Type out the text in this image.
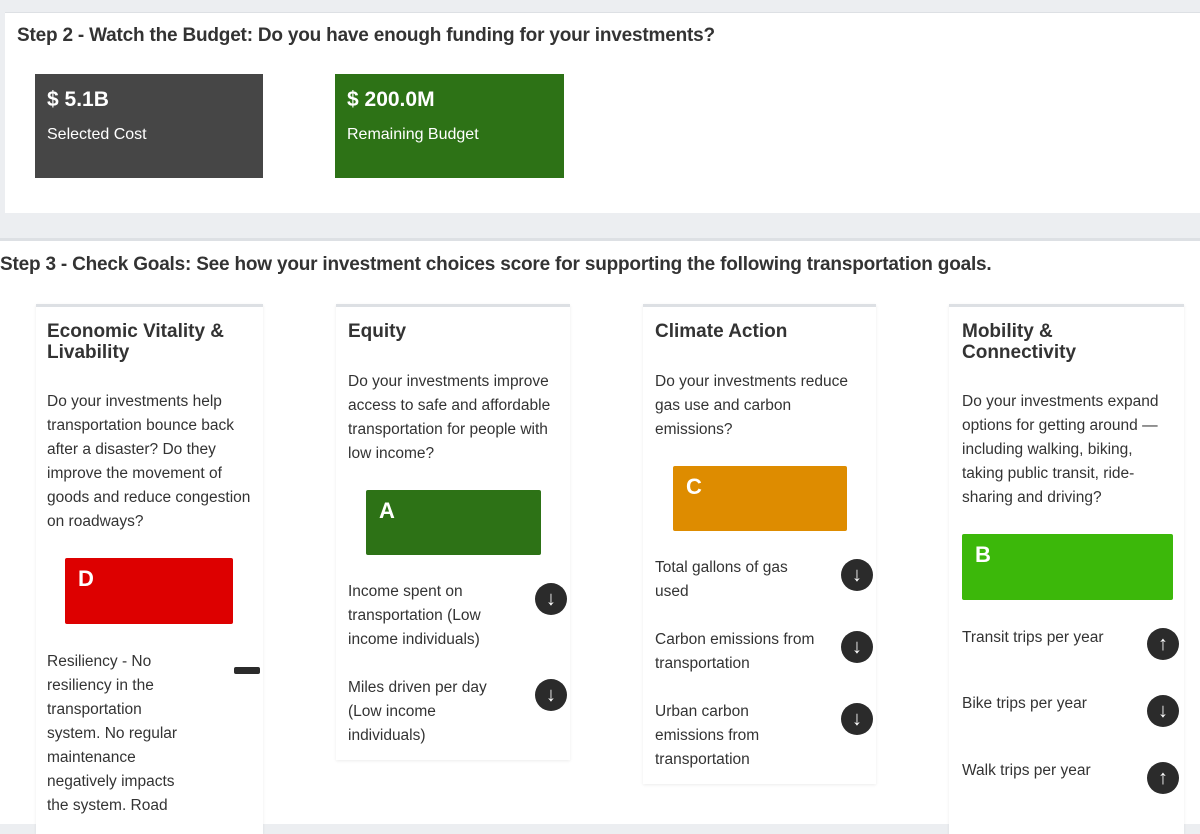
Step 2 - Watch the Budget: Do you have enough funding for your investments?
$ 5.1B
Selected Cost
$ 200.0M
Remaining Budget
Step 3 - Check Goals: See how your investment choices score for supporting the following transportation goals.
Economic Vitality & Livability
Do your investments help transportation bounce back after a disaster? Do they improve the movement of goods and reduce congestion on roadways?
D
Resiliency - No resiliency in the transportation system. No regular maintenance negatively impacts the system. Road
Equity
Do your investments improve access to safe and affordable transportation for people with low income?
A
Income spent on transportation (Low income individuals)
↓
Miles driven per day (Low income individuals)
↓
Climate Action
Do your investments reduce gas use and carbon emissions?
C
Total gallons of gas used
↓
Carbon emissions from transportation
↓
Urban carbon emissions from transportation
↓
Mobility & Connectivity
Do your investments expand options for getting around — including walking, biking, taking public transit, ride-sharing and driving?
B
Transit trips per year	↑
Bike trips per year	↓
Walk trips per year	↑
